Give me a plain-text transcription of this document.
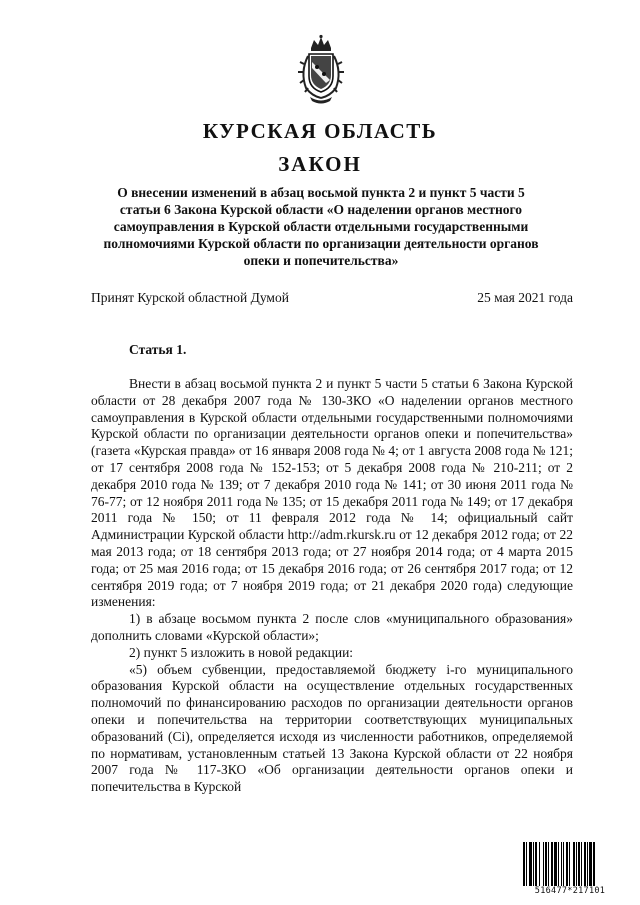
КУРСКАЯ ОБЛАСТЬ
ЗАКОН
О внесении изменений в абзац восьмой пункта 2 и пункт 5 части 5 статьи 6 Закона Курской области «О наделении органов местного самоуправления в Курской области отдельными государственными полномочиями Курской области по организации деятельности органов опеки и попечительства»
Принят Курской областной Думой	25 мая 2021 года
Статья 1.

Внести в абзац восьмой пункта 2 и пункт 5 части 5 статьи 6 Закона Курской области от 28 декабря 2007 года № 130-ЗКО «О наделении органов местного самоуправления в Курской области отдельными государственными полномочиями Курской области по организации деятельности органов опеки и попечительства» (газета «Курская правда» от 16 января 2008 года № 4; от 1 августа 2008 года № 121; от 17 сентября 2008 года № 152-153; от 5 декабря 2008 года № 210-211; от 2 декабря 2010 года № 139; от 7 декабря 2010 года № 141; от 30 июня 2011 года № 76-77; от 12 ноября 2011 года № 135; от 15 декабря 2011 года № 149; от 17 декабря 2011 года № 150; от 11 февраля 2012 года № 14; официальный сайт Администрации Курской области http://adm.rkursk.ru от 12 декабря 2012 года; от 22 мая 2013 года; от 18 сентября 2013 года; от 27 ноября 2014 года; от 4 марта 2015 года; от 25 мая 2016 года; от 15 декабря 2016 года; от 26 сентября 2017 года; от 12 сентября 2019 года; от 7 ноября 2019 года; от 21 декабря 2020 года) следующие изменения:

1) в абзаце восьмом пункта 2 после слов «муниципального образования» дополнить словами «Курской области»;

2) пункт 5 изложить в новой редакции:

«5) объем субвенции, предоставляемой бюджету i-го муниципального образования Курской области на осуществление отдельных государственных полномочий по финансированию расходов по организации деятельности органов опеки и попечительства на территории соответствующих муниципальных образований (Ci), определяется исходя из численности работников, определяемой по нормативам, установленным статьей 13 Закона Курской области от 22 ноября 2007 года № 117-ЗКО «Об организации деятельности органов опеки и попечительства в Курской

516477*217101
